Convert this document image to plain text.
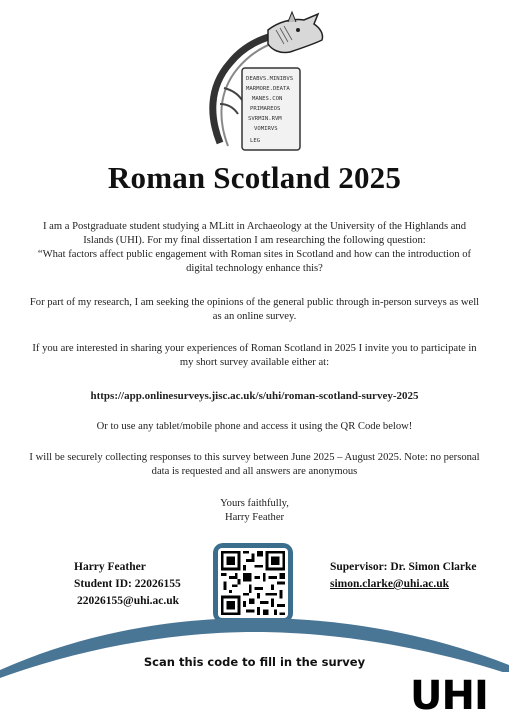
DEABVS.MINIBVS
MARMORE.DEATA
MANES.CON
PRIMAREOS
SVRMIN.RVM
VOMIRVS
LEG
Roman Scotland 2025
I am a Postgraduate student studying a MLitt in Archaeology at the University of the Highlands and
Islands (UHI). For my final dissertation I am researching the following question:
“What factors affect public engagement with Roman sites in Scotland and how can the introduction of
digital technology enhance this?
For part of my research, I am seeking the opinions of the general public through in-person surveys as well
as an online survey.
If you are interested in sharing your experiences of Roman Scotland in 2025 I invite you to participate in
my short survey available either at:
https://app.onlinesurveys.jisc.ac.uk/s/uhi/roman-scotland-survey-2025
Or to use any tablet/mobile phone and access it using the QR Code below!
I will be securely collecting responses to this survey between June 2025 – August 2025. Note: no personal
data is requested and all answers are anonymous
Yours faithfully,
Harry Feather
Harry Feather
Student ID: 22026155
22026155@uhi.ac.uk
Supervisor: Dr. Simon Clarke
simon.clarke@uhi.ac.uk
Scan this code to fill in the survey
UHI
